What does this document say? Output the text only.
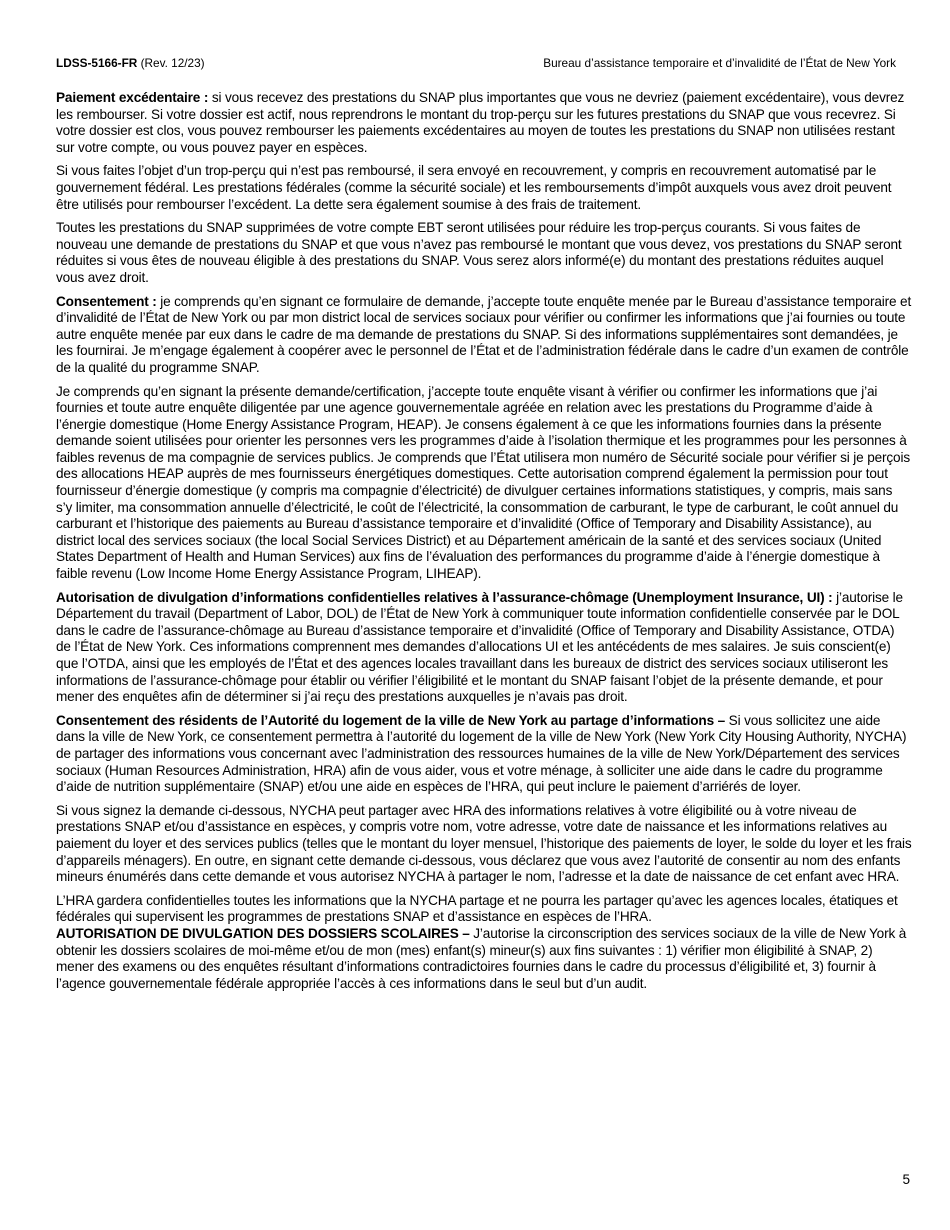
LDSS-5166-FR (Rev. 12/23)	Bureau d’assistance temporaire et d’invalidité de l’État de New York

Paiement excédentaire : si vous recevez des prestations du SNAP plus importantes que vous ne devriez (paiement excédentaire), vous devrez les rembourser. Si votre dossier est actif, nous reprendrons le montant du trop-perçu sur les futures prestations du SNAP que vous recevrez. Si votre dossier est clos, vous pouvez rembourser les paiements excédentaires au moyen de toutes les prestations du SNAP non utilisées restant sur votre compte, ou vous pouvez payer en espèces.

Si vous faites l’objet d’un trop-perçu qui n’est pas remboursé, il sera envoyé en recouvrement, y compris en recouvrement automatisé par le gouvernement fédéral. Les prestations fédérales (comme la sécurité sociale) et les remboursements d’impôt auxquels vous avez droit peuvent être utilisés pour rembourser l’excédent. La dette sera également soumise à des frais de traitement.

Toutes les prestations du SNAP supprimées de votre compte EBT seront utilisées pour réduire les trop-perçus courants. Si vous faites de nouveau une demande de prestations du SNAP et que vous n’avez pas remboursé le montant que vous devez, vos prestations du SNAP seront réduites si vous êtes de nouveau éligible à des prestations du SNAP. Vous serez alors informé(e) du montant des prestations réduites auquel vous avez droit.

Consentement : je comprends qu’en signant ce formulaire de demande, j’accepte toute enquête menée par le Bureau d’assistance temporaire et d’invalidité de l’État de New York ou par mon district local de services sociaux pour vérifier ou confirmer les informations que j’ai fournies ou toute autre enquête menée par eux dans le cadre de ma demande de prestations du SNAP. Si des informations supplémentaires sont demandées, je les fournirai. Je m’engage également à coopérer avec le personnel de l’État et de l’administration fédérale dans le cadre d’un examen de contrôle de la qualité du programme SNAP.

Je comprends qu’en signant la présente demande/certification, j’accepte toute enquête visant à vérifier ou confirmer les informations que j’ai fournies et toute autre enquête diligentée par une agence gouvernementale agréée en relation avec les prestations du Programme d’aide à l’énergie domestique (Home Energy Assistance Program, HEAP). Je consens également à ce que les informations fournies dans la présente demande soient utilisées pour orienter les personnes vers les programmes d’aide à l’isolation thermique et les programmes pour les personnes à faibles revenus de ma compagnie de services publics. Je comprends que l’État utilisera mon numéro de Sécurité sociale pour vérifier si je perçois des allocations HEAP auprès de mes fournisseurs énergétiques domestiques. Cette autorisation comprend également la permission pour tout fournisseur d’énergie domestique (y compris ma compagnie d’électricité) de divulguer certaines informations statistiques, y compris, mais sans s’y limiter, ma consommation annuelle d’électricité, le coût de l’électricité, la consommation de carburant, le type de carburant, le coût annuel du carburant et l’historique des paiements au Bureau d’assistance temporaire et d’invalidité (Office of Temporary and Disability Assistance), au district local des services sociaux (the local Social Services District) et au Département américain de la santé et des services sociaux (United States Department of Health and Human Services) aux fins de l’évaluation des performances du programme d’aide à l’énergie domestique à faible revenu (Low Income Home Energy Assistance Program, LIHEAP).

Autorisation de divulgation d’informations confidentielles relatives à l’assurance-chômage (Unemployment Insurance, UI) : j’autorise le Département du travail (Department of Labor, DOL) de l’État de New York à communiquer toute information confidentielle conservée par le DOL dans le cadre de l’assurance-chômage au Bureau d’assistance temporaire et d’invalidité (Office of Temporary and Disability Assistance, OTDA) de l’État de New York. Ces informations comprennent mes demandes d’allocations UI et les antécédents de mes salaires. Je suis conscient(e) que l’OTDA, ainsi que les employés de l’État et des agences locales travaillant dans les bureaux de district des services sociaux utiliseront les informations de l’assurance-chômage pour établir ou vérifier l’éligibilité et le montant du SNAP faisant l’objet de la présente demande, et pour mener des enquêtes afin de déterminer si j’ai reçu des prestations auxquelles je n’avais pas droit.

Consentement des résidents de l’Autorité du logement de la ville de New York au partage d’informations – Si vous sollicitez une aide dans la ville de New York, ce consentement permettra à l’autorité du logement de la ville de New York (New York City Housing Authority, NYCHA) de partager des informations vous concernant avec l’administration des ressources humaines de la ville de New York/Département des services sociaux (Human Resources Administration, HRA) afin de vous aider, vous et votre ménage, à solliciter une aide dans le cadre du programme d’aide de nutrition supplémentaire (SNAP) et/ou une aide en espèces de l’HRA, qui peut inclure le paiement d’arriérés de loyer.

Si vous signez la demande ci-dessous, NYCHA peut partager avec HRA des informations relatives à votre éligibilité ou à votre niveau de prestations SNAP et/ou d’assistance en espèces, y compris votre nom, votre adresse, votre date de naissance et les informations relatives au paiement du loyer et des services publics (telles que le montant du loyer mensuel, l’historique des paiements de loyer, le solde du loyer et les frais d’appareils ménagers). En outre, en signant cette demande ci-dessous, vous déclarez que vous avez l’autorité de consentir au nom des enfants mineurs énumérés dans cette demande et vous autorisez NYCHA à partager le nom, l’adresse et la date de naissance de cet enfant avec HRA.

L’HRA gardera confidentielles toutes les informations que la NYCHA partage et ne pourra les partager qu’avec les agences locales, étatiques et fédérales qui supervisent les programmes de prestations SNAP et d’assistance en espèces de l’HRA.

AUTORISATION DE DIVULGATION DES DOSSIERS SCOLAIRES – J’autorise la circonscription des services sociaux de la ville de New York à obtenir les dossiers scolaires de moi-même et/ou de mon (mes) enfant(s) mineur(s) aux fins suivantes : 1) vérifier mon éligibilité à SNAP, 2) mener des examens ou des enquêtes résultant d’informations contradictoires fournies dans le cadre du processus d’éligibilité et, 3) fournir à l’agence gouvernementale fédérale appropriée l’accès à ces informations dans le seul but d’un audit.

5
